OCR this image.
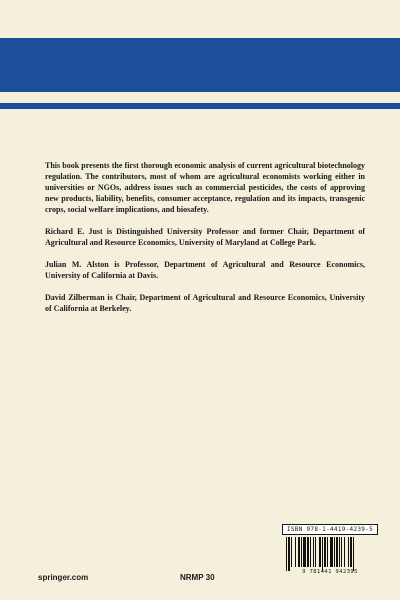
This book presents the first thorough economic analysis of current agricultural biotechnology regulation. The contributors, most of whom are agricultural economists working either in universities or NGOs, address issues such as commercial pesticides, the costs of approving new products, liability, benefits, consumer acceptance, regulation and its impacts, transgenic crops, social welfare implications, and biosafety.

Richard E. Just is Distinguished University Professor and former Chair, Department of Agricultural and Resource Economics, University of Maryland at College Park.

Julian M. Alston is Professor, Department of Agricultural and Resource Economics, University of California at Davis.

David Zilberman is Chair, Department of Agricultural and Resource Economics, University of California at Berkeley.

ISBN 978-1-4419-4239-5
9 781441 942395
springer.com	NRMP 30
